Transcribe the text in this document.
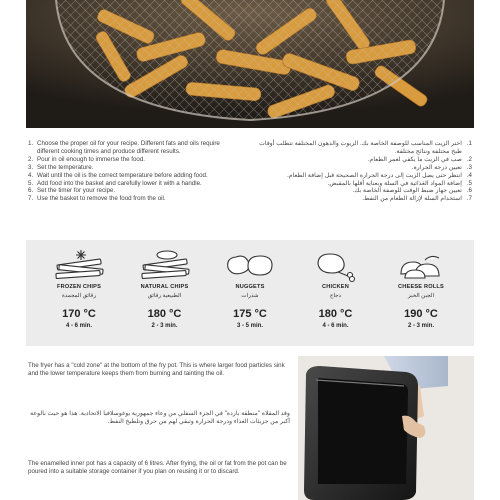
1. Choose the proper oil for your recipe. Different fats and oils require different cooking times and produce different results.
2. Pour in oil enough to immerse the food.
3. Set the temperature.
4. Wait until the oil is the correct temperature before adding food.
5. Add food into the basket and carefully lower it with a handle.
6. Set the timer for your recipe.
7. Use the basket to remove the food from the oil.
1.
اختر الزيت المناسب للوصفة الخاصة بك. الزيوت والدهون المختلفة تتطلب أوقات طبخ مختلفة ونتائج مختلفة.
2.
صب في الزيت ما يكفي لغمر الطعام.
3.
تعيين درجة الحرارة.
4.
انتظر حتى يصل الزيت إلى درجة الحرارة الصحيحة قبل إضافة الطعام.
5.
إضافة المواد الغذائية في السلة وبعناية أقلها بالمقبض.
6.
تعيين جهاز ضبط الوقت للوصفة الخاصة بك.
7.
استخدام السلة لإزالة الطعام من النفط.
FROZEN CHIPS
رقائق المجمدة
170 °C
4 - 6 min.
NATURAL CHIPS
الطبيعية رقائق
180 °C
2 - 3 min.
NUGGETS
شذرات
175 °C
3 - 5 min.
CHICKEN
دجاج
180 °C
4 - 6 min.
CHEESE ROLLS
الجبن الخبز
190 °C
2 - 3 min.

The fryer has a "cold zone" at the bottom of the fry pot. This is where larger food particles sink and the lower temperature keeps them from burning and tainting the oil.

وقد المقلاة "منطقة باردة" في الجزء السفلي من وعاء جمهورية يوغوسلافيا الاتحادية. هذا هو حيث بالوعة أكبر من جزيئات الغذاء ودرجة الحرارة وتبقي لهم من حرق وتلطيخ النفط.

The enamelled inner pot has a capacity of 6 litres. After frying, the oil or fat from the pot can be poured into a suitable storage container if you plan on reusing it or to discard.
